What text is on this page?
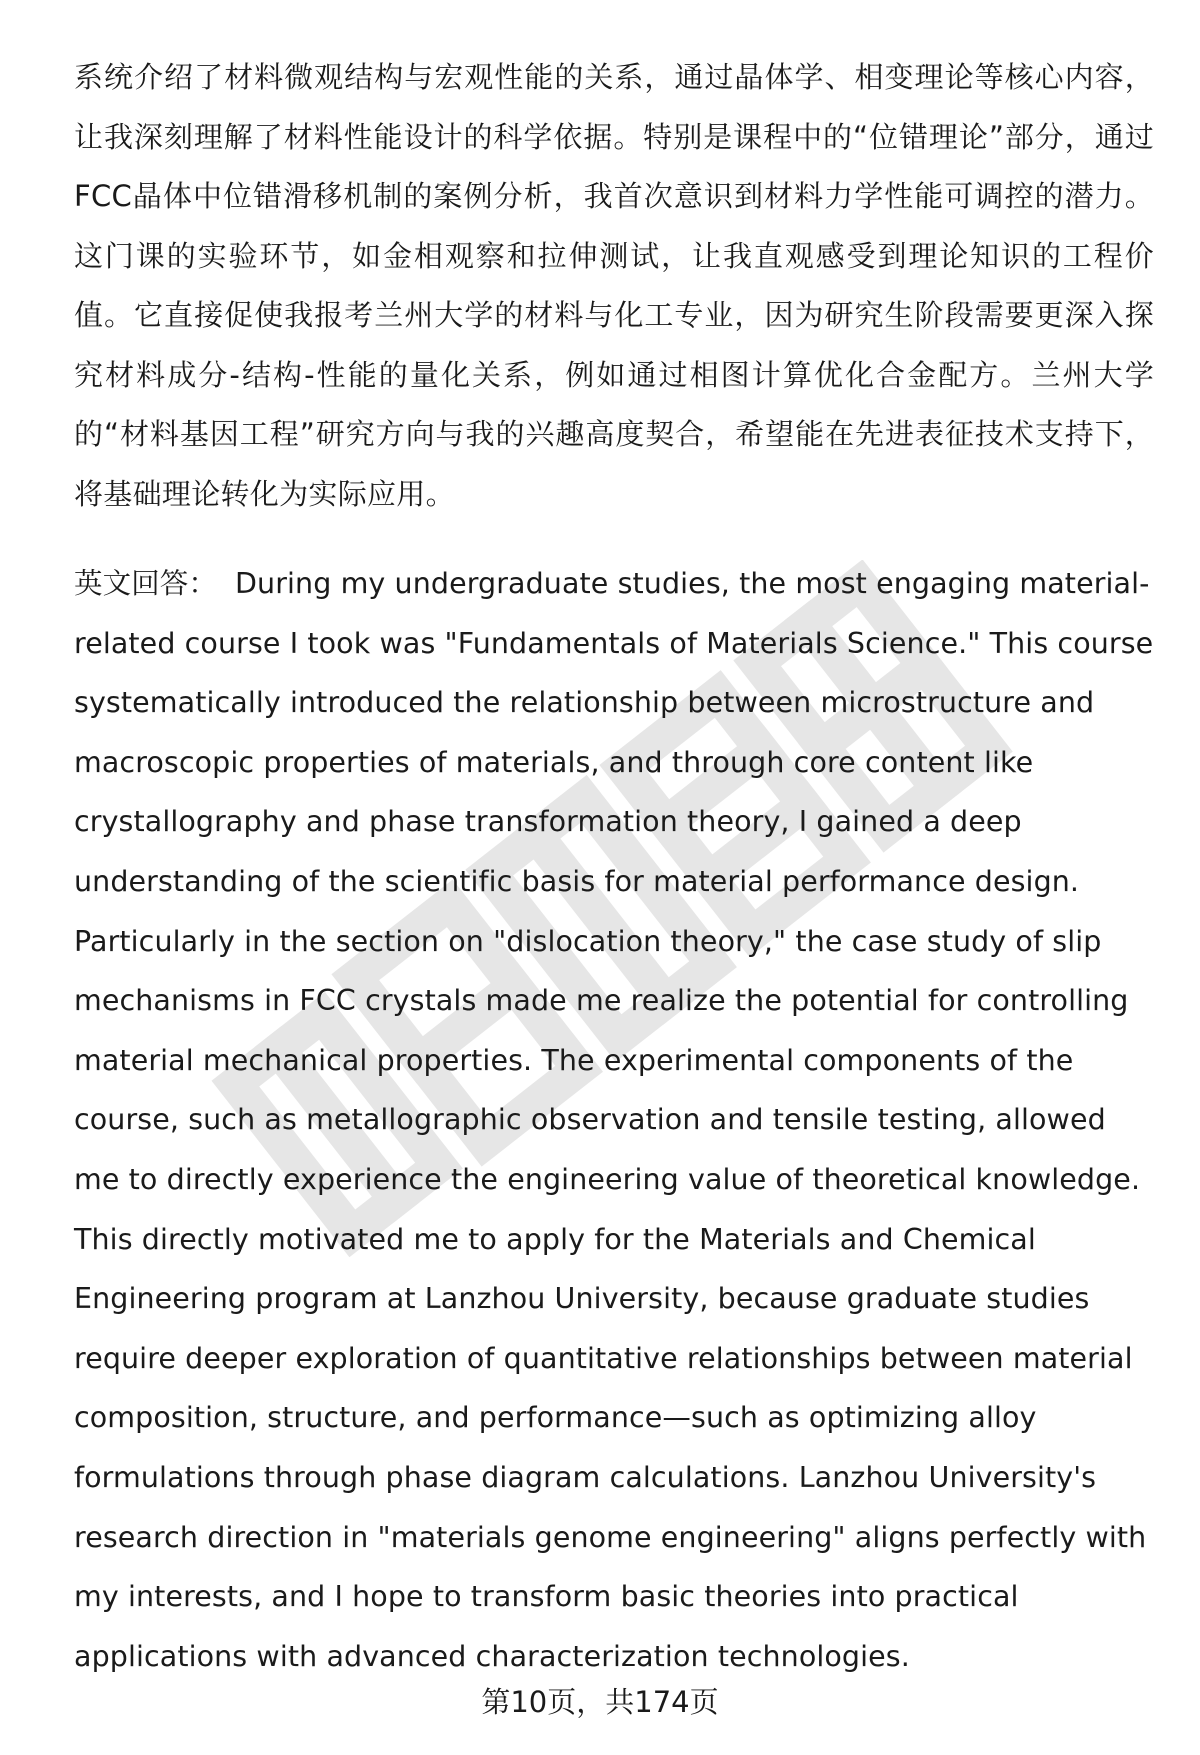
系统介绍了材料微观结构与宏观性能的关系，通过晶体学、相变理论等核心内容，让我深刻理解了材料性能设计的科学依据。特别是课程中的“位错理论”部分，通过FCC晶体中位错滑移机制的案例分析，我首次意识到材料力学性能可调控的潜力。这门课的实验环节，如金相观察和拉伸测试，让我直观感受到理论知识的工程价值。它直接促使我报考兰州大学的材料与化工专业，因为研究生阶段需要更深入探究材料成分-结构-性能的量化关系，例如通过相图计算优化合金配方。兰州大学的“材料基因工程”研究方向与我的兴趣高度契合，希望能在先进表征技术支持下，将基础理论转化为实际应用。

英文回答： During my undergraduate studies, the most engaging material-related course I took was "Fundamentals of Materials Science." This course systematically introduced the relationship between microstructure and macroscopic properties of materials, and through core content like crystallography and phase transformation theory, I gained a deep understanding of the scientific basis for material performance design. Particularly in the section on "dislocation theory," the case study of slip mechanisms in FCC crystals made me realize the potential for controlling material mechanical properties. The experimental components of the course, such as metallographic observation and tensile testing, allowed me to directly experience the engineering value of theoretical knowledge. This directly motivated me to apply for the Materials and Chemical Engineering program at Lanzhou University, because graduate studies require deeper exploration of quantitative relationships between material composition, structure, and performance—such as optimizing alloy formulations through phase diagram calculations. Lanzhou University's research direction in "materials genome engineering" aligns perfectly with my interests, and I hope to transform basic theories into practical applications with advanced characterization technologies.

第10页，共174页
